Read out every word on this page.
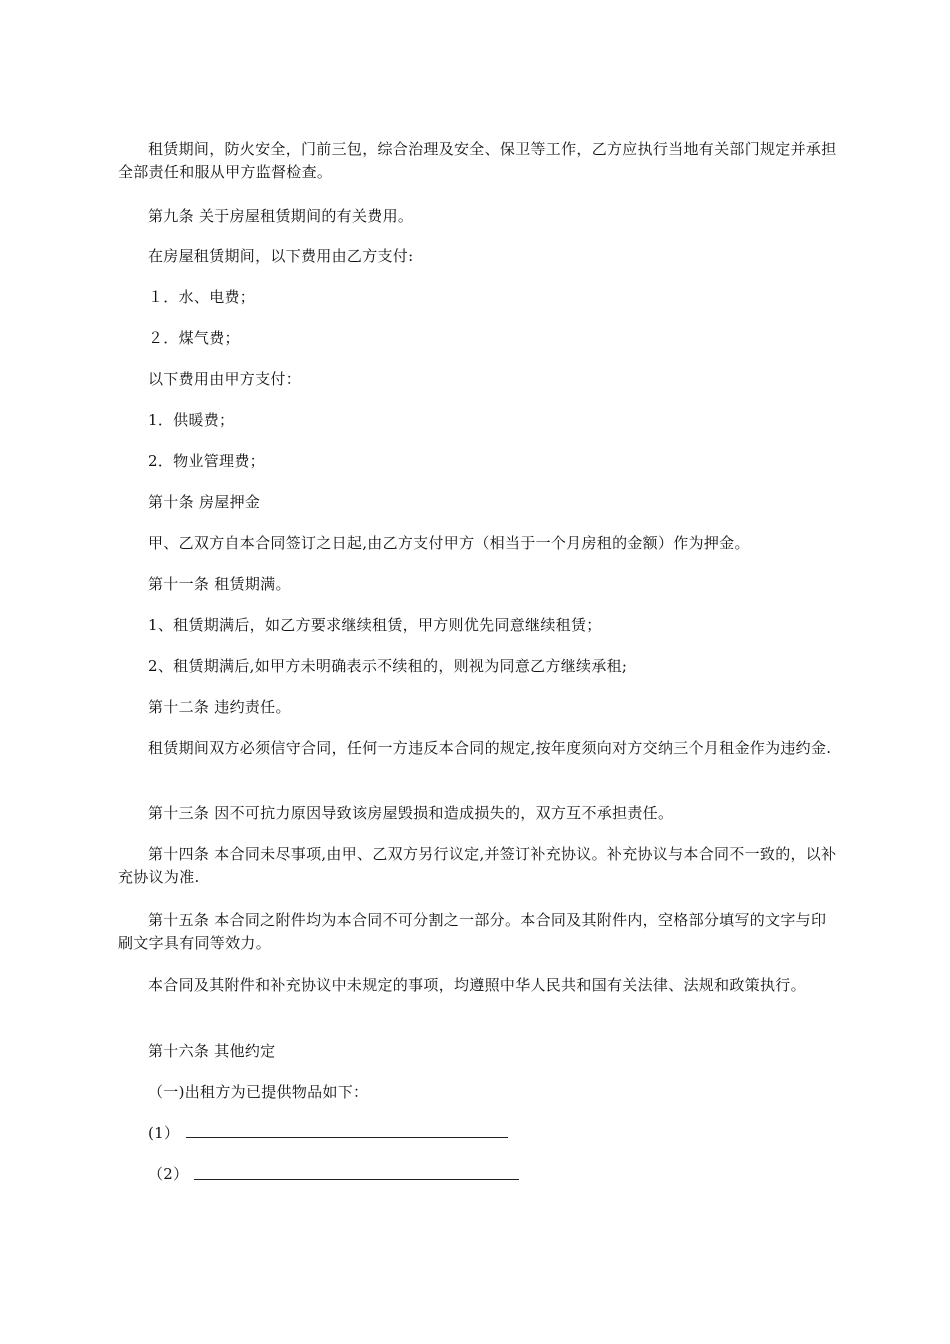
租赁期间，防火安全，门前三包，综合治理及安全、保卫等工作，乙方应执行当地有关部门规定并承担全部责任和服从甲方监督检查。

第九条 关于房屋租赁期间的有关费用。
在房屋租赁期间，以下费用由乙方支付:
１．水、电费；
２．煤气费；
以下费用由甲方支付：
1．供暖费；
2．物业管理费；
第十条 房屋押金
甲、乙双方自本合同签订之日起,由乙方支付甲方（相当于一个月房租的金额）作为押金。
第十一条 租赁期满。
1、租赁期满后，如乙方要求继续租赁，甲方则优先同意继续租赁；
2、租赁期满后,如甲方未明确表示不续租的，则视为同意乙方继续承租;
第十二条 违约责任。

租赁期间双方必须信守合同，任何一方违反本合同的规定,按年度须向对方交纳三个月租金作为违约金.

第十三条 因不可抗力原因导致该房屋毁损和造成损失的，双方互不承担责任。

第十四条 本合同未尽事项,由甲、乙双方另行议定,并签订补充协议。补充协议与本合同不一致的，以补充协议为准.

第十五条 本合同之附件均为本合同不可分割之一部分。本合同及其附件内，空格部分填写的文字与印刷文字具有同等效力。

本合同及其附件和补充协议中未规定的事项，均遵照中华人民共和国有关法律、法规和政策执行。

第十六条 其他约定
（一)出租方为已提供物品如下：
(1）
（2）
